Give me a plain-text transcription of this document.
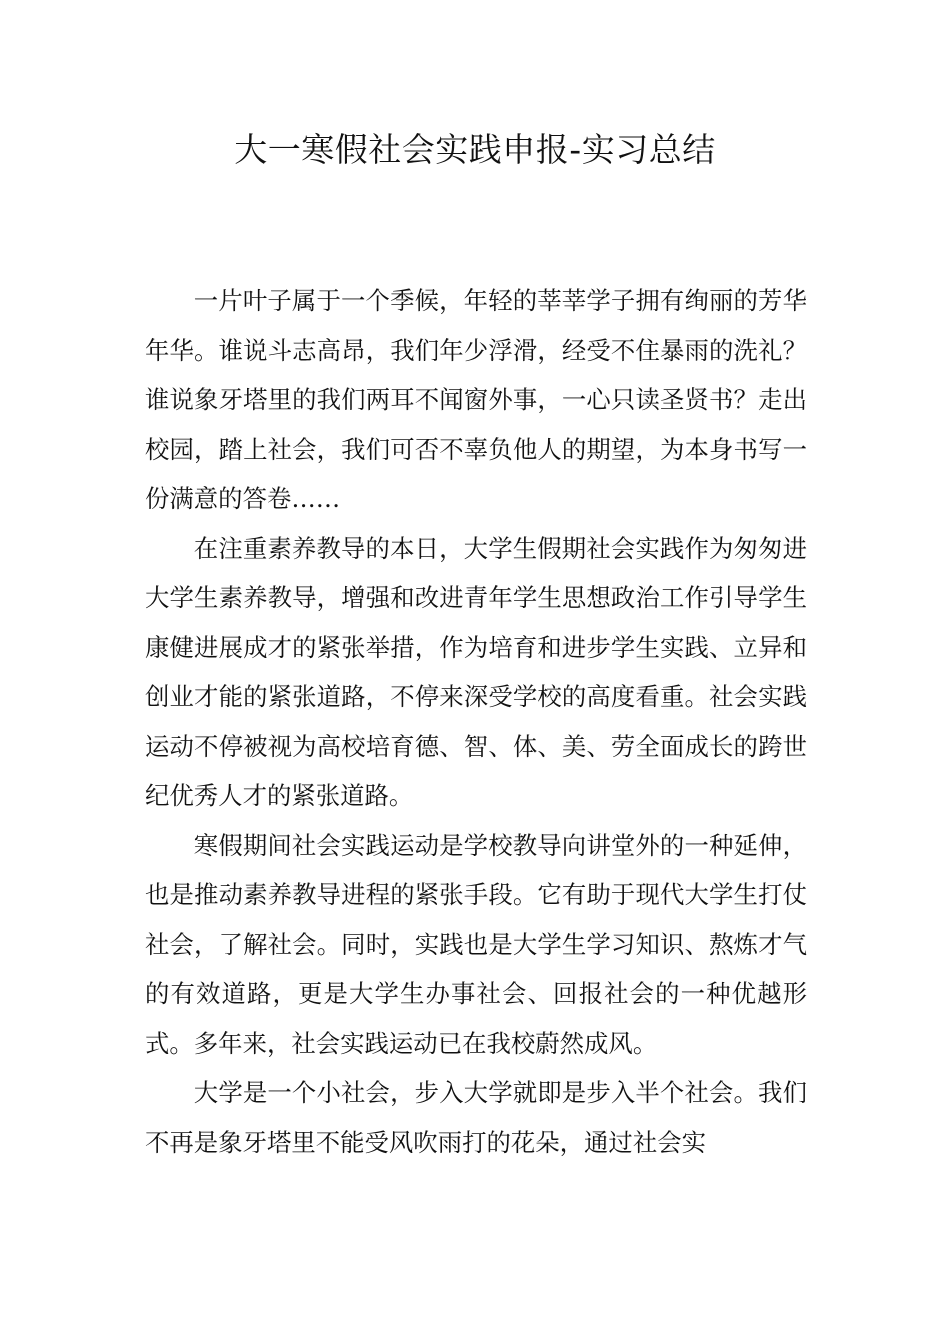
大一寒假社会实践申报-实习总结

一片叶子属于一个季候，年轻的莘莘学子拥有绚丽的芳华年华。谁说斗志高昂，我们年少浮滑，经受不住暴雨的洗礼？谁说象牙塔里的我们两耳不闻窗外事，一心只读圣贤书？走出校园，踏上社会，我们可否不辜负他人的期望，为本身书写一份满意的答卷……

在注重素养教导的本日，大学生假期社会实践作为匆匆进大学生素养教导，增强和改进青年学生思想政治工作引导学生康健进展成才的紧张举措，作为培育和进步学生实践、立异和创业才能的紧张道路，不停来深受学校的高度看重。社会实践运动不停被视为高校培育德、智、体、美、劳全面成长的跨世纪优秀人才的紧张道路。

寒假期间社会实践运动是学校教导向讲堂外的一种延伸，也是推动素养教导进程的紧张手段。它有助于现代大学生打仗社会，了解社会。同时，实践也是大学生学习知识、熬炼才气的有效道路，更是大学生办事社会、回报社会的一种优越形式。多年来，社会实践运动已在我校蔚然成风。

大学是一个小社会，步入大学就即是步入半个社会。我们不再是象牙塔里不能受风吹雨打的花朵，通过社会实
